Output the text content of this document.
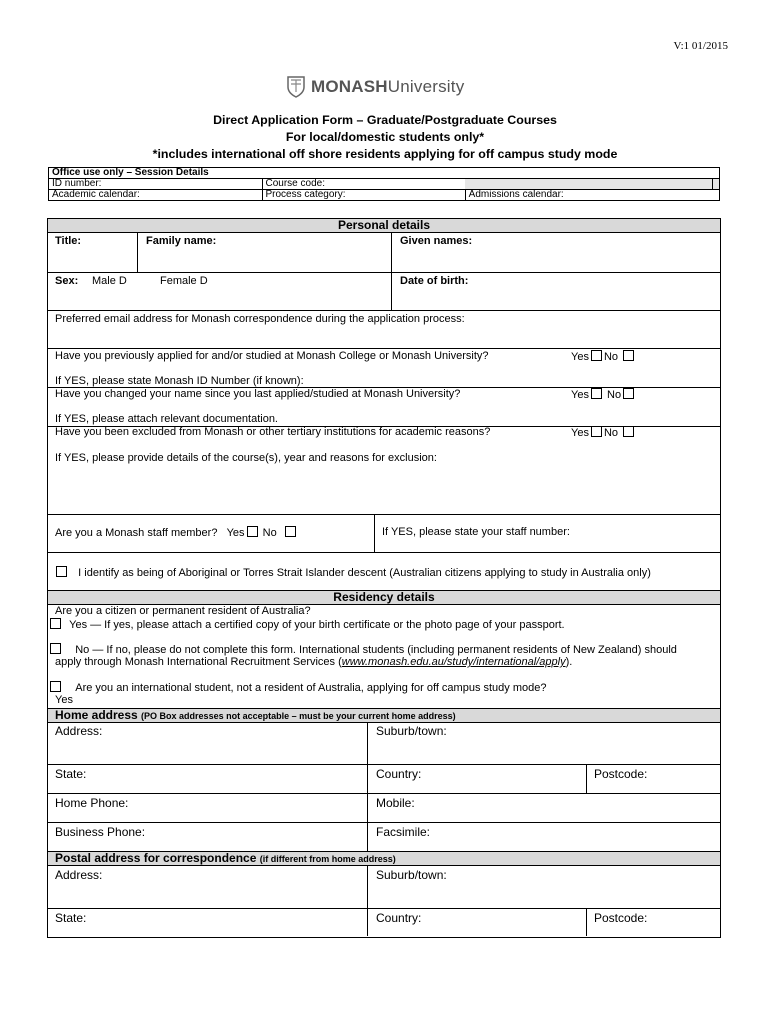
V:1 01/2015
MONASHUniversity
Direct Application Form – Graduate/Postgraduate Courses
For local/domestic students only*
*includes international off shore residents applying for off campus study mode
Office use only – Session Details			
ID number:	Course code:		
Academic calendar:	Process category:	Admissions calendar:	
Personal details
Title:	Family name:	Given names:
Sex: Male D	Female D	Date of birth:
Preferred email address for Monash correspondence during the application process:
Have you previously applied for and/or studied at Monash College or Monash University?	Yes No
If YES, please state Monash ID Number (if known):
Have you changed your name since you last applied/studied at Monash University?	Yes No
If YES, please attach relevant documentation.
Have you been excluded from Monash or other tertiary institutions for academic reasons?	Yes No
If YES, please provide details of the course(s), year and reasons for exclusion:
Are you a Monash staff member? Yes No	If YES, please state your staff number:
I identify as being of Aboriginal or Torres Strait Islander descent (Australian citizens applying to study in Australia only)
Residency details
Are you a citizen or permanent resident of Australia?
Yes — If yes, please attach a certified copy of your birth certificate or the photo page of your passport.
No — If no, please do not complete this form. International students (including permanent residents of New Zealand) should
apply through Monash International Recruitment Services (www.monash.edu.au/study/international/apply).
Are you an international student, not a resident of Australia, applying for off campus study mode?
Yes
Home address (PO Box addresses not acceptable – must be your current home address)
Address:	Suburb/town:
State:	Country:	Postcode:
Home Phone:	Mobile:
Business Phone:	Facsimile:
Postal address for correspondence (if different from home address)
Address:	Suburb/town:
State:	Country:	Postcode:
